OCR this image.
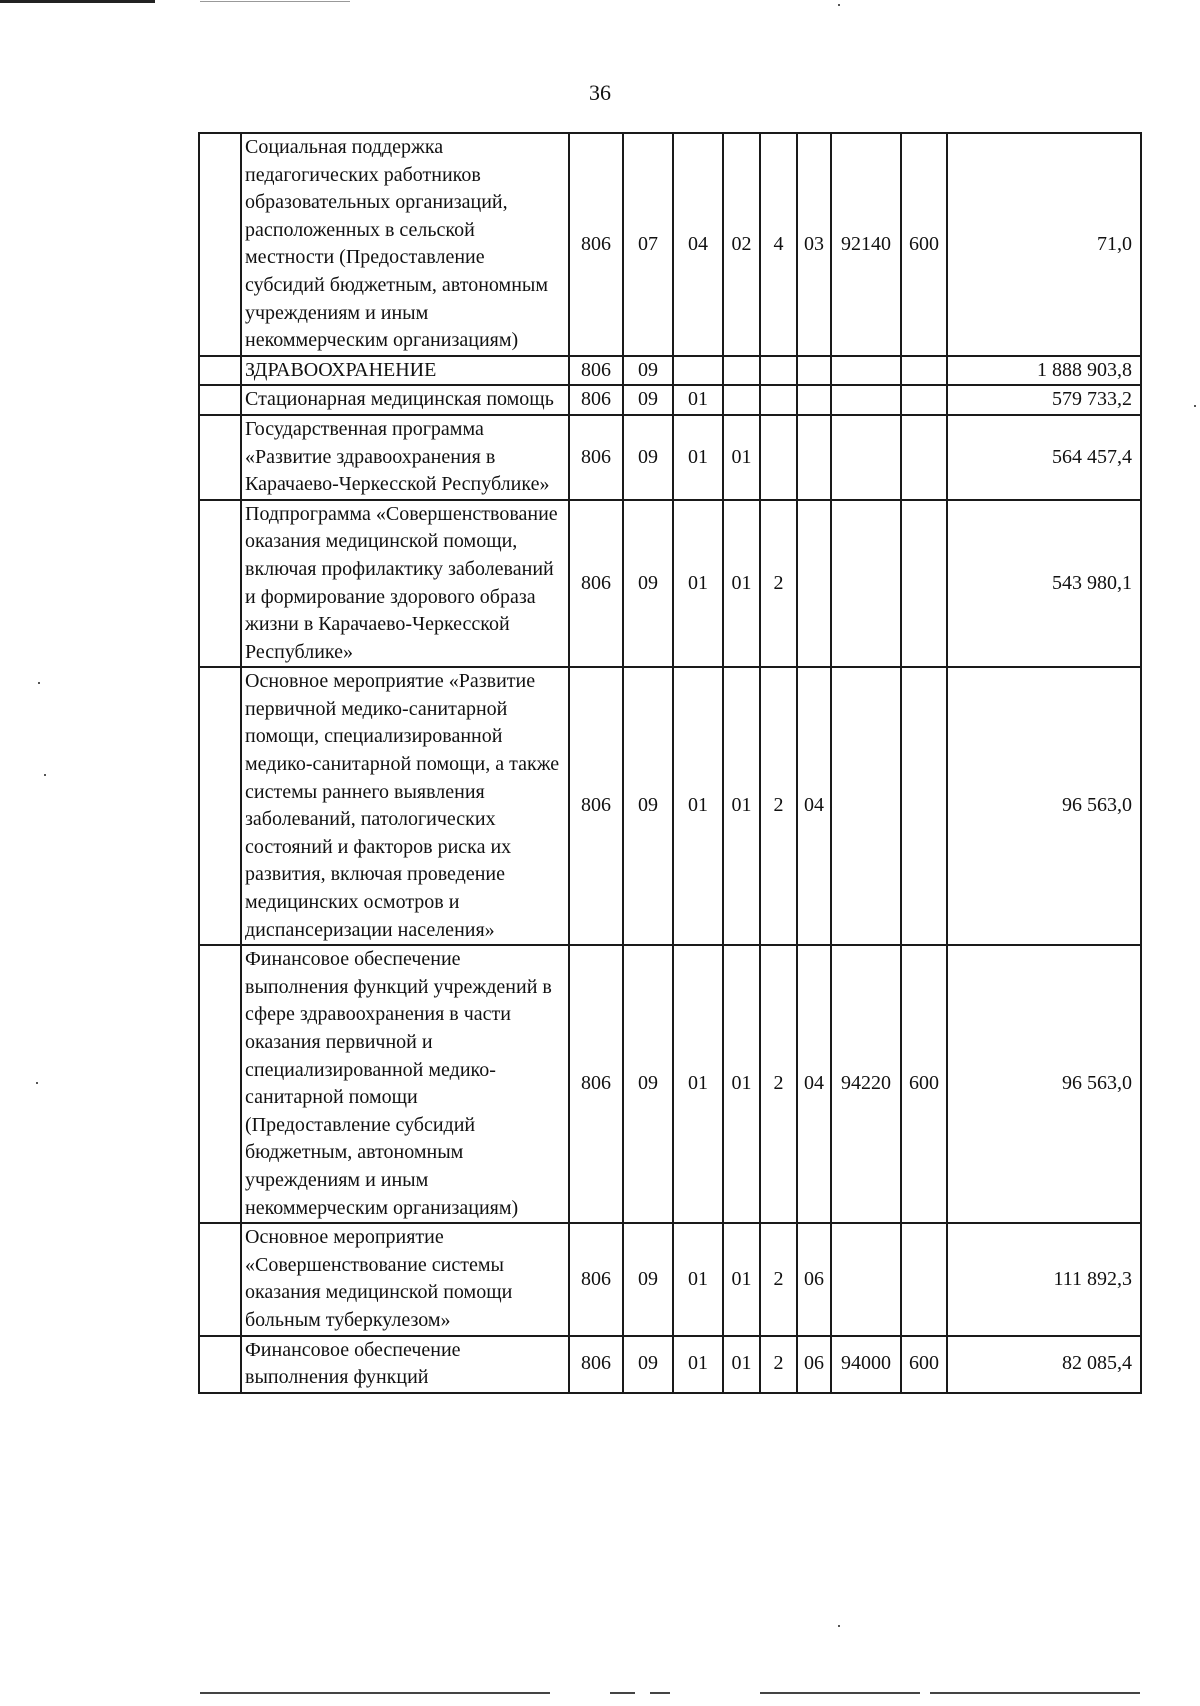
36
	Социальная поддержка педагогических работников образовательных организаций, расположенных в сельской местности (Предоставление субсидий бюджетным, автономным учреждениям и иным некоммерческим организациям)	806	07	04	02	4	03	92140	600	71,0
	ЗДРАВООХРАНЕНИЕ	806	09							1 888 903,8
	Стационарная медицинская помощь	806	09	01						579 733,2
	Государственная программа «Развитие здравоохранения в Карачаево-Черкесской Республике»	806	09	01	01					564 457,4
	Подпрограмма «Совершенствование оказания медицинской помощи, включая профилактику заболеваний и формирование здорового образа жизни в Карачаево-Черкесской Республике»	806	09	01	01	2				543 980,1
	Основное мероприятие «Развитие первичной медико-санитарной помощи, специализированной медико-санитарной помощи, а также системы раннего выявления заболеваний, патологических состояний и факторов риска их развития, включая проведение медицинских осмотров и диспансеризации населения»	806	09	01	01	2	04			96 563,0
	Финансовое обеспечение выполнения функций учреждений в сфере здравоохранения в части оказания первичной и специализированной медико-санитарной помощи (Предоставление субсидий бюджетным, автономным учреждениям и иным некоммерческим организациям)	806	09	01	01	2	04	94220	600	96 563,0
	Основное мероприятие «Совершенствование системы оказания медицинской помощи больным туберкулезом»	806	09	01	01	2	06			111 892,3
	Финансовое обеспечение выполнения функций	806	09	01	01	2	06	94000	600	82 085,4
